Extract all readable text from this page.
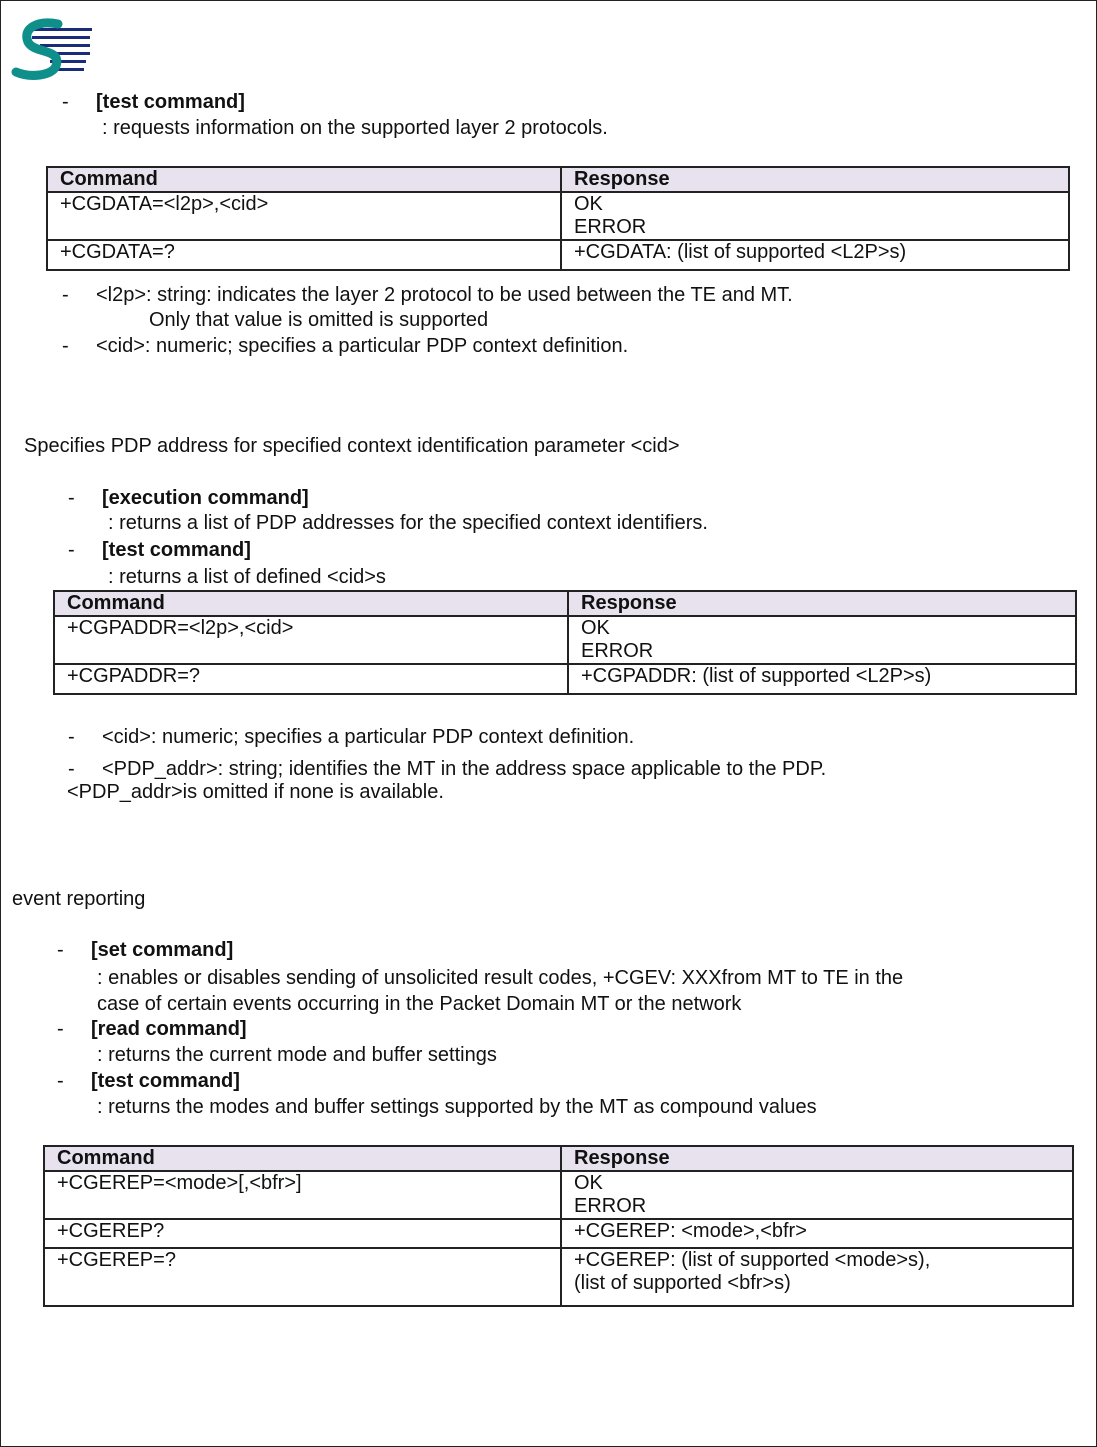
- [test command]
: requests information on the supported layer 2 protocols.
Command	Response
+CGDATA=<l2p>,<cid>	OK
ERROR

+CGDATA=?	+CGDATA: (list of supported <L2P>s)
- <l2p>: string: indicates the layer 2 protocol to be used between the TE and MT.
Only that value is omitted is supported
- <cid>: numeric; specifies a particular PDP context definition.
Specifies PDP address for specified context identification parameter <cid>
- [execution command]
: returns a list of PDP addresses for the specified context identifiers.
- [test command]
: returns a list of defined <cid>s
Command	Response
+CGPADDR=<l2p>,<cid>	OK
ERROR

+CGPADDR=?	+CGPADDR: (list of supported <L2P>s)
- <cid>: numeric; specifies a particular PDP context definition.
- <PDP_addr>: string; identifies the MT in the address space applicable to the PDP.
<PDP_addr>is omitted if none is available.
event reporting
- [set command]
: enables or disables sending of unsolicited result codes, +CGEV: XXXfrom MT to TE in the
case of certain events occurring in the Packet Domain MT or the network
- [read command]
: returns the current mode and buffer settings
- [test command]
: returns the modes and buffer settings supported by the MT as compound values
Command	Response
+CGEREP=<mode>[,<bfr>]	OK
ERROR

+CGEREP?	+CGEREP: <mode>,<bfr>

+CGEREP=?	+CGEREP: (list of supported <mode>s),
(list of supported <bfr>s)
